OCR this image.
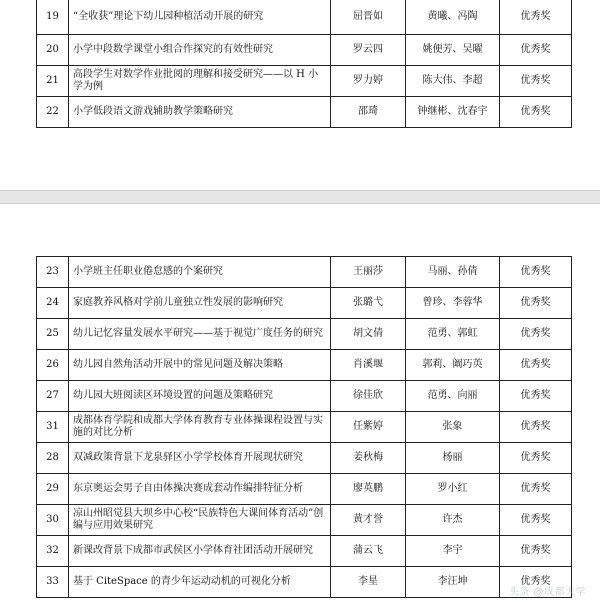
19	“全收获”理论下幼儿园种植活动开展的研究	屈晋如	黄曦、冯陶	优秀奖
20	小学中段数学课堂小组合作探究的有效性研究	罗云四	姚便芳、吴曜	优秀奖
21	高段学生对数学作业批阅的理解和接受研究——以 H 小学为例	罗力婷	陈大伟、李超	优秀奖
22	小学低段语文游戏辅助教学策略研究	邵琦	钟继彬、沈春宇	优秀奖
23	小学班主任职业倦怠感的个案研究	王丽莎	马丽、孙倩	优秀奖
24	家庭教养风格对学前儿童独立性发展的影响研究	张璐弋	曾珍、李蓉华	优秀奖
25	幼儿记忆容量发展水平研究——基于视觉广度任务的研究	胡文倩	范勇、郭虹	优秀奖
26	幼儿园自然角活动开展中的常见问题及解决策略	肖溪堰	郭莉、阚巧英	优秀奖
27	幼儿园大班阅读区环境设置的问题及策略研究	徐佳欣	范勇、向丽	优秀奖
31	成都体育学院和成都大学体育教育专业体操课程设置与实施的对比分析	任紫婷	张象	优秀奖
28	双减政策背景下龙泉驿区小学学校体育开展现状研究	姜秋梅	杨丽	优秀奖
29	东京奥运会男子自由体操决赛成套动作编排特征分析	廖英鹏	罗小红	优秀奖
30	凉山州昭觉县大坝乡中心校“民族特色大课间体育活动”创编与应用效果研究	黄才誉	许杰	优秀奖
32	新课改背景下成都市武侯区小学体育社团活动开展研究	蒲云飞	李宇	优秀奖
33	基于 CiteSpace 的青少年运动动机的可视化分析	李星	李汪坤	优秀奖
头条 @成都大学
